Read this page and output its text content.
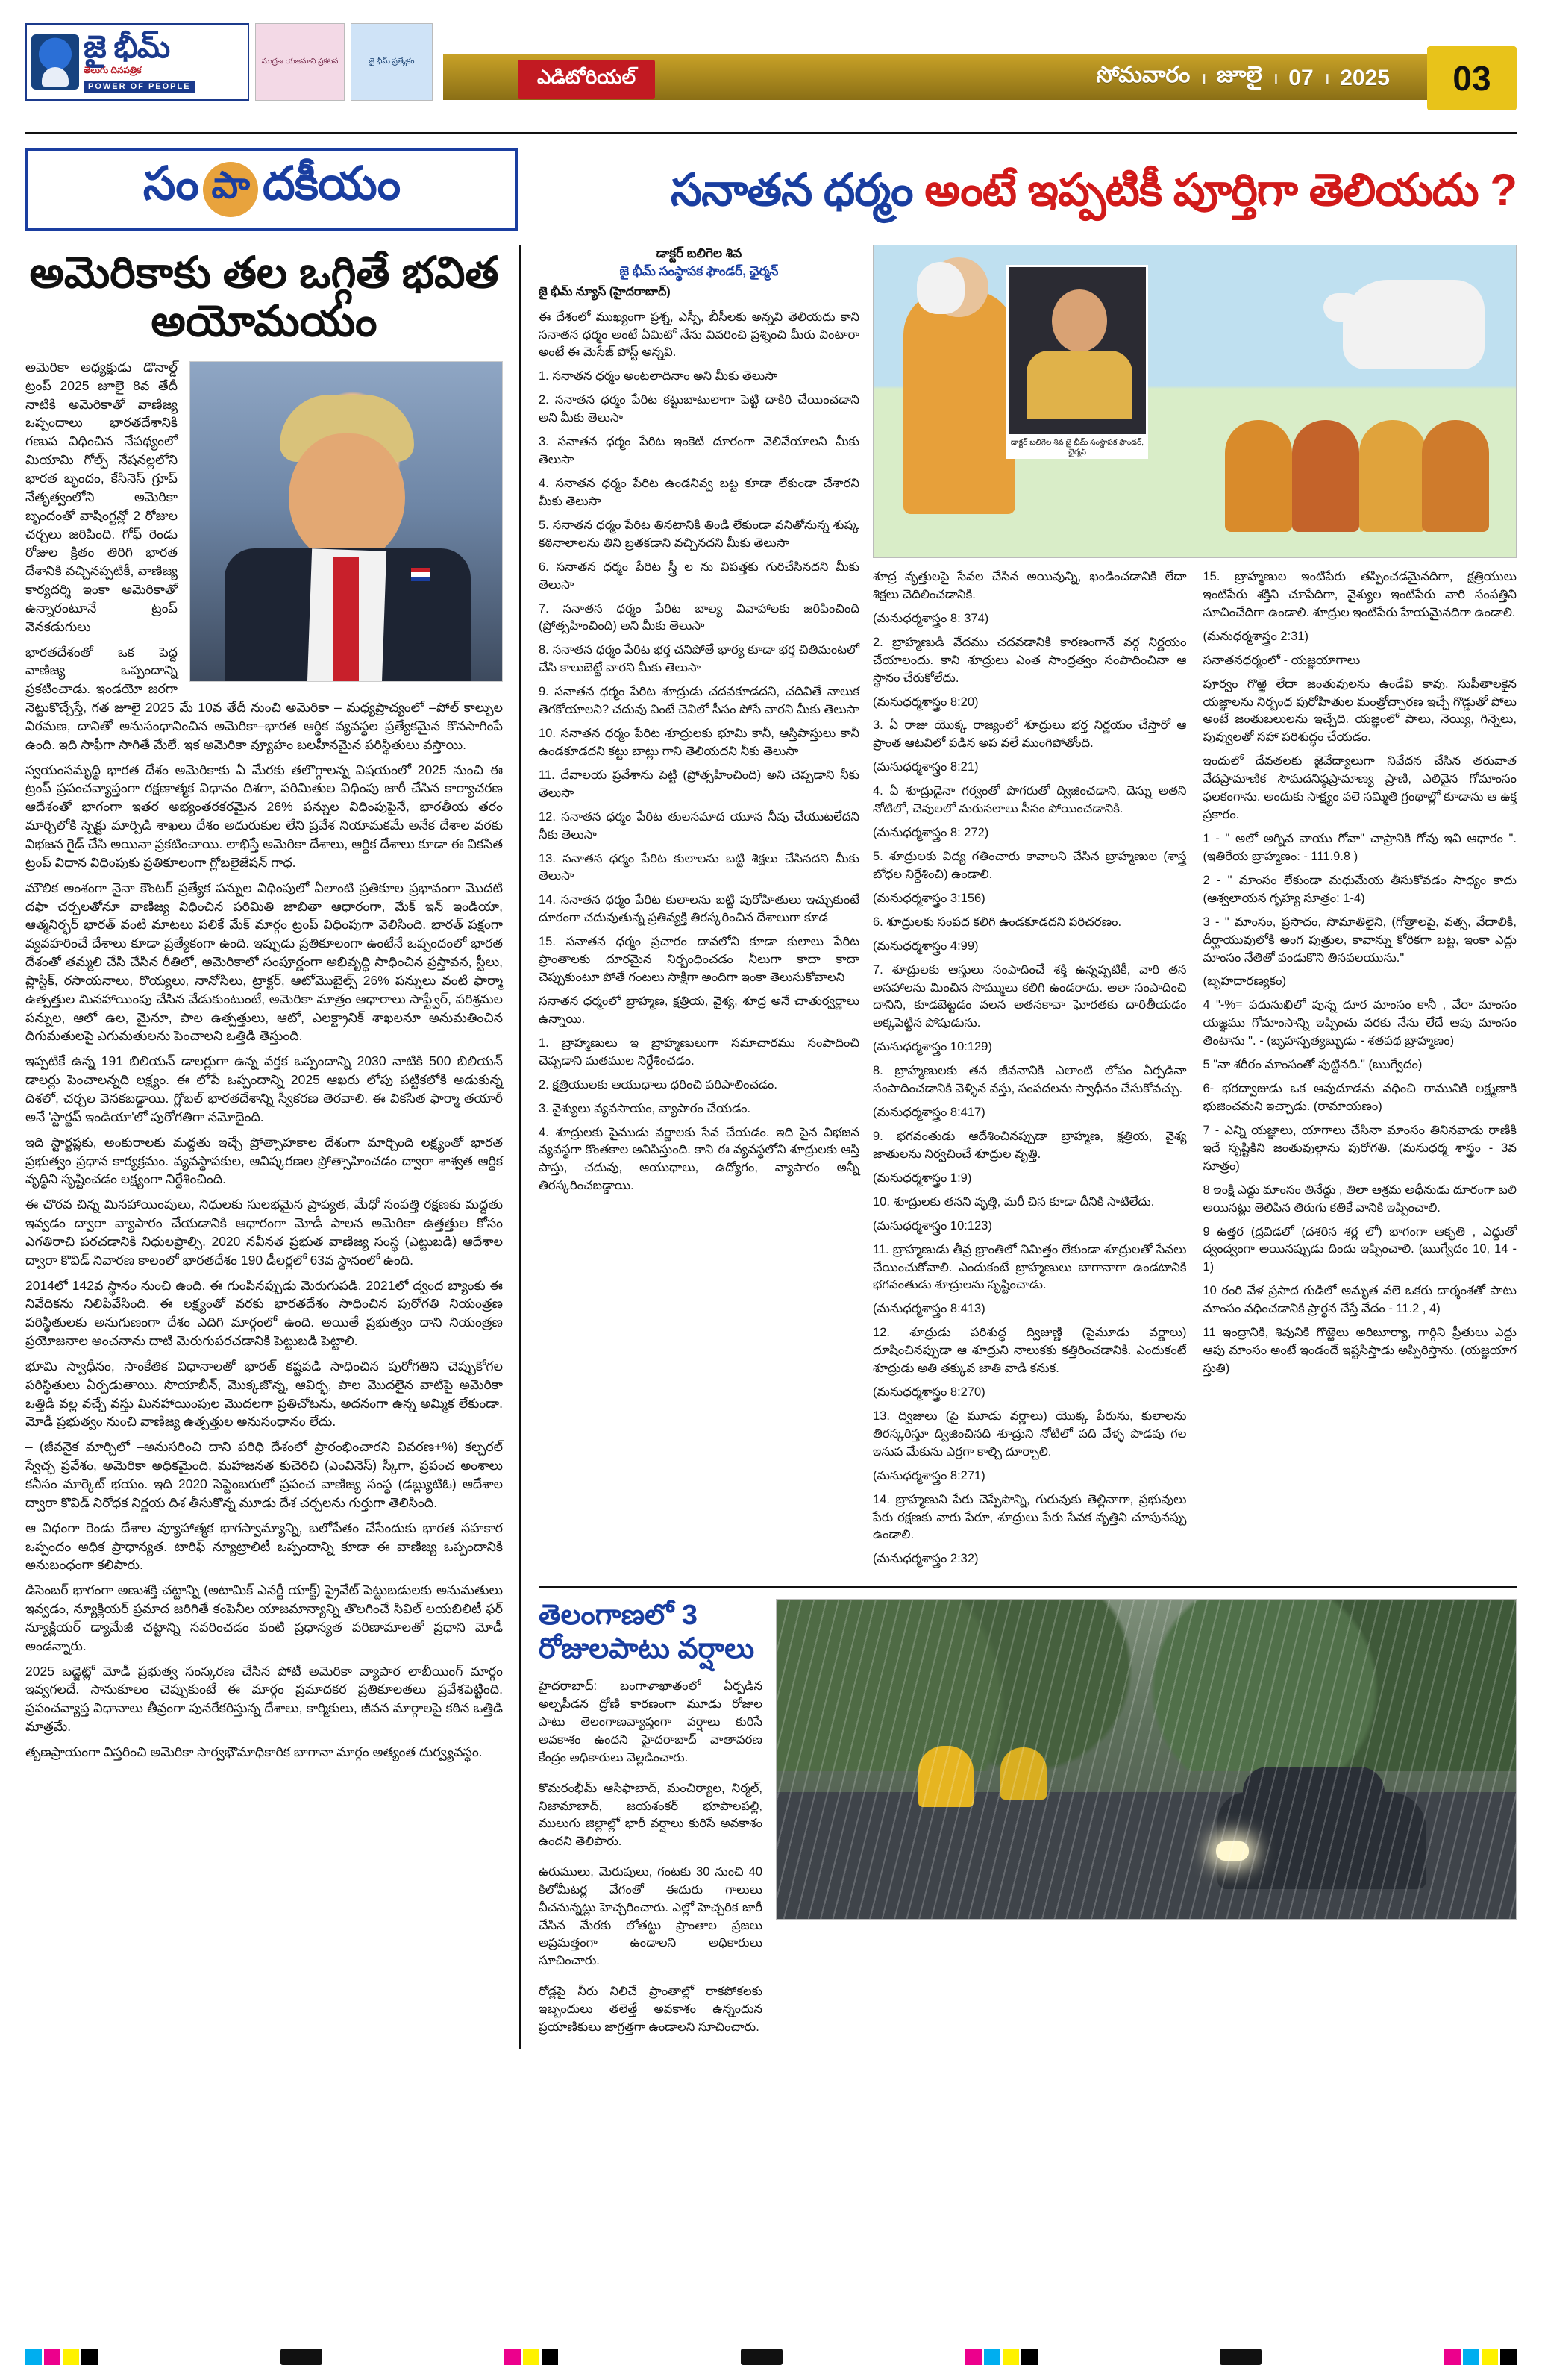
జై భీమ్
తెలుగు దినపత్రిక
POWER OF PEOPLE
ముద్రణ యజమాని ప్రకటన	జై భీమ్ ప్రత్యేకం
ఎడిటోరియల్	సోమవారం । జూలై । 07 । 2025	03
సం పా దకీయం	సనాతన ధర్మం
అంటే ఇప్పటికీ పూర్తిగా తెలియదు ?
అమెరికాకు తల ఒగ్గితే భవిత అయోమయం

అమెరికా అధ్యక్షుడు డొనాల్డ్ ట్రంప్ 2025 జూలై 8వ తేదీ నాటికి అమెరికాతో వాణిజ్య ఒప్పందాలు భారతదేశానికి గణుప విధించిన నేపథ్యంలో మియామి గోల్ఫ్ నేషనల్లలోని భారత బృందం, కేసినెస్ గ్రూప్ నేతృత్వంలోని అమెరికా బృందంతో వాషింగ్టన్లో 2 రోజుల చర్చలు జరిపింది. గోఫ్ రెండు రోజుల క్రితం తిరిగి భారత దేశానికి వచ్చినప్పటికీ, వాణిజ్య కార్యదర్శి ఇంకా అమెరికాతో ఉన్నారంటూనే ట్రంప్ వెనకడుగులు

భారతదేశంతో ఒక పెద్ద వాణిజ్య ఒప్పందాన్ని ప్రకటించాడు. ఇండయో జరగా నెట్టుకొచ్చేస్తే, గత జూలై 2025 మే 10వ తేదీ నుంచి అమెరికా – మధ్యప్రాచ్యంలో –పోల్ కాల్పుల విరమణ, దానితో అనుసంధానించిన అమెరికా–భారత ఆర్థిక వ్యవస్థల ప్రత్యేకమైన కొనసాగింపే ఉంది. ఇది సాఫీగా సాగితే మేలే. ఇక అమెరికా వ్యూహం బలహీనమైన పరిస్థితులు వస్తాయి.

స్వయంసమృద్ధి భారత దేశం అమెరికాకు ఏ మేరకు తలొగ్గాలన్న విషయంలో 2025 నుంచి ఈ ట్రంప్ ప్రపంచవ్యాప్తంగా రక్షణాత్మక విధానం దిశగా, పరిమితుల విధింపు జారీ చేసిన కార్యాచరణ ఆదేశంతో భాగంగా ఇతర అభ్యంతరకరమైన 26% పన్నుల విధింపుపైనే, భారతీయ తరం మార్చిలోకి స్పెక్టు మార్పిడి శాఖలు దేశం అదురుకుల లేని ప్రవేశ నియామకమే అనేక దేశాల వరకు విభజన గైడ్ చేసి అయినా ప్రకటించాయి. లాభిస్తే అమెరికా దేశాలు, ఆర్థిక దేశాలు కూడా ఈ వికసిత ట్రంప్ విధాన విధింపుకు ప్రతికూలంగా గ్లోబలైజేషన్ గాధ.

మౌలిక అంశంగా నైనా కౌంటర్ ప్రత్యేక పన్నుల విధింపులో ఏలాంటి ప్రతికూల ప్రభావంగా మొదటి దఫా చర్చలతోనూ వాణిజ్య విధించిన పరిమితి జాబితా ఆధారంగా, మేక్ ఇన్ ఇండియా, ఆత్మనిర్భర్ భారత్ వంటి మాటలు పలికే మేక్ మార్గం ట్రంప్ విధింపుగా వెలిసింది. భారత్ పక్షంగా వ్యవహరించే దేశాలు కూడా ప్రత్యేకంగా ఉంది. ఇప్పుడు ప్రతికూలంగా ఉంటేనే ఒప్పందంలో భారత దేశంతో తమ్మలి చేసి చేసిన రీతిలో, అమెరికాలో సంపూర్ణంగా అభివృద్ధి సాధించిన ప్రస్తావన, స్టీలు, ప్లాస్టిక్, రసాయనాలు, రొయ్యలు, నానోసిలు, ట్రాక్టర్, ఆటోమొబైల్స్ 26% పన్నులు వంటి ఫార్మా ఉత్పత్తుల మినహాయింపు చేసిన వేడుకుంటుంటే, అమెరికా మాత్రం ఆధారాలు సాఫ్ట్వేర్, పరిశ్రమల పన్నుల, ఆలో ఉల, మైనూ, పాల ఉత్పత్తులు, ఆటో, ఎలక్ట్రానిక్ శాఖలనూ అనుమతించిన దిగుమతులపై ఎగుమతులను పెంచాలని ఒత్తిడి తెస్తుంది.

ఇప్పటికే ఉన్న 191 బిలియన్ డాలర్లుగా ఉన్న వర్తక ఒప్పందాన్ని 2030 నాటికి 500 బిలియన్ డాలర్లు పెంచాలన్నది లక్ష్యం. ఈ లోపే ఒప్పందాన్ని 2025 ఆఖరు లోపు పట్టికలోకి అడుకున్న దిశలో, చర్చల వెనకబడ్డాయి. గ్లోబల్ భారతదేశాన్ని స్వీకరణ తెరవాలి. ఈ వికసిత ఫార్మా తయారీ అనే 'స్టార్టప్ ఇండియా'లో పురోగతిగా నమోదైంది.

ఇది స్టార్టప్లకు, అంకురాలకు మద్దతు ఇచ్చే ప్రోత్సాహకాల దేశంగా మార్చింది లక్ష్యంతో భారత ప్రభుత్వం ప్రధాన కార్యక్రమం. వ్యవస్థాపకుల, ఆవిష్కరణల ప్రోత్సాహించడం ద్వారా శాశ్వత ఆర్థిక వృద్ధిని సృష్టించడం లక్ష్యంగా నిర్దేశించింది.

ఈ చొరవ చిన్న మినహాయింపులు, నిధులకు సులభమైన ప్రాప్యత, మేధో సంపత్తి రక్షణకు మద్దతు ఇవ్వడం ద్వారా వ్యాపారం చేయడానికి ఆధారంగా మోడీ పాలన అమెరికా ఉత్తత్తుల కోసం ఎగతిరాచి పరచడానికి నిధులఫ్రాల్సి. 2020 నవీనత ప్రభుత వాణిజ్య సంస్థ (ఎట్టుబడి) ఆదేశాల ద్వారా కొవిడ్ నివారణ కాలంలో భారతదేశం 190 డీలర్లలో 63వ స్థానంలో ఉంది.

2014లో 142వ స్థానం నుంచి ఉంది. ఈ గుంపినప్పుడు మెరుగుపడి. 2021లో ద్వంద బ్యాంకు ఈ నివేదికను నిలిపివేసింది. ఈ లక్ష్యంతో వరకు భారతదేశం సాధించిన పురోగతి నియంత్రణ పరిస్థితులకు అనుగుణంగా దేశం ఎదిగి మార్గంలో ఉంది. అయితే ప్రభుత్వం దాని నియంత్రణ ప్రయోజనాల అంచనాను దాటి మెరుగుపరచడానికి పెట్టుబడి పెట్టాలి.

భూమి స్వాధీనం, సాంకేతిక విధానాలతో భారత్ కష్టపడి సాధించిన పురోగతిని చెప్పుకోగల పరిస్థితులు ఏర్పడుతాయి. సొయాబీన్, మొక్కజొన్న, ఆవిర్భ, పాల మొదలైన వాటిపై అమెరికా ఒత్తిడి వల్ల వచ్చే వస్తు మినహాయింపుల మొదలగా ప్రతిచోటను, అదనంగా ఉన్న అమ్మిక లేకుండా. మోడీ ప్రభుత్వం నుంచి వాణిజ్య ఉత్పత్తుల అనుసంధానం లేదు.

– (జీవనైక మార్చిలో –అనుసరించి దాని పరిధి దేశంలో ప్రారంభించారని వివరణ+%) కల్చరల్ స్వేచ్ఛ ప్రవేశం, అమెరికా అధికమైంది, మహాజనత కుచెరిచి (ఎంవినెస్) స్కీగా, ప్రపంచ అంశాలు కనీసం మార్కెట్ భయం. ఇది 2020 సెప్టెంబరులో ప్రపంచ వాణిజ్య సంస్థ (డబ్ల్యుటిఓ) ఆదేశాల ద్వారా కొవిడ్ నిరోధక నిర్ణయ దిశ తీసుకొన్న మూడు దేశ చర్చలను గుర్తుగా తెలిసింది.

ఆ విధంగా రెండు దేశాల వ్యూహాత్మక భాగస్వామ్యాన్ని, బలోపేతం చేసేందుకు భారత సహకార ఒప్పందం అధిక ప్రాధాన్యత. టారిఫ్ న్యూట్రాలిటీ ఒప్పందాన్ని కూడా ఈ వాణిజ్య ఒప్పందానికి అనుబంధంగా కలిపారు.

డిసెంబర్ భాగంగా అణుశక్తి చట్టాన్ని (అటామిక్ ఎనర్జీ యాక్ట్) ప్రైవేట్ పెట్టుబడులకు అనుమతులు ఇవ్వడం, న్యూక్లియర్ ప్రమాద జరిగితే కంపెనీల యాజమాన్యాన్ని తొలగించే సివిల్ లయబిలిటీ ఫర్ న్యూక్లియర్ డ్యామేజీ చట్టాన్ని సవరించడం వంటి ప్రధాన్యత పరిణామాలతో ప్రధాని మోడీ అండన్నారు.

2025 బడ్జెట్లో మోడీ ప్రభుత్వ సంస్కరణ చేసిన పోటీ అమెరికా వ్యాపార లాబీయింగ్ మార్గం ఇవ్వగలదే. సానుకూలం చెప్పుకుంటే ఈ మార్గం ప్రమాదకర ప్రతికూలతలు ప్రవేశపెట్టింది. ప్రపంచవ్యాప్త విధానాలు తీవ్రంగా పునరేకరిస్తున్న దేశాలు, కార్మికులు, జీవన మార్గాలపై కఠిన ఒత్తిడి మాత్రమే.

తృణప్రాయంగా విస్తరించి అమెరికా సార్వభౌమాధికారిక బాగానా మార్గం అత్యంత దుర్వ్యవస్థం.

డాక్టర్ బలిగెల శివ
జై భీమ్ సంస్థాపక ఫౌండర్, ఛైర్మన్
జై భీమ్ న్యూస్ (హైదరాబాద్)

ఈ దేశంలో ముఖ్యంగా ప్రశ్న, ఎస్సీ, బీసీలకు అన్నవి తెలియదు కాని సనాతన ధర్మం అంటే ఏమిటో నేను వివరించి ప్రశ్నించి మీరు వింటారా అంటే ఈ మెసేజ్ పోస్ట్ అన్నవి.

1. సనాతన ధర్మం అంటలాదినాం అని మీకు తెలుసా

2. సనాతన ధర్మం పేరిట కట్టుబాటులాగా పెట్టి దాకిరి చేయించడాని అని మీకు తెలుసా

3. సనాతన ధర్మం పేరిట ఇంకెటి దూరంగా వెలివేయాలని మీకు తెలుసా

4. సనాతన ధర్మం పేరిట ఉండనివ్వ బట్ట కూడా లేకుండా చేశారని మీకు తెలుసా

5. సనాతన ధర్మం పేరిట తినటానికి తిండి లేకుండా వనితోనున్న శుష్క కఠినాలాలను తిని బ్రతకడాని వచ్చినదని మీకు తెలుసా

6. సనాతన ధర్మం పేరిట స్త్రీ ల ను విపత్తకు గురిచేసినదని మీకు తెలుసా

7. సనాతన ధర్మం పేరిట బాల్య వివాహాలకు జరిపించింది (ప్రోత్సహించింది) అని మీకు తెలుసా

8. సనాతన ధర్మం పేరిట భర్త చనిపోతే భార్య కూడా భర్త చితిమంటలో చేసి కాలుబెట్టే వారని మీకు తెలుసా

9. సనాతన ధర్మం పేరిట శూద్రుడు చదవకూడదని, చదివితే నాలుక తెగకోయాలని? చదువు వింటే చెవిలో సీసం పోసే వారని మీకు తెలుసా

10. సనాతన ధర్మం పేరిట శూద్రులకు భూమి కానీ, ఆస్తిపాస్తులు కానీ ఉండకూడదని కట్టు బాట్లు గాని తెలియదని నీకు తెలుసా

11. దేవాలయ ప్రవేశాను పెట్టి (ప్రోత్సహించింది) అని చెప్పడాని నీకు తెలుసా

12. సనాతన ధర్మం పేరిట తులసమాద యూన నీవు చేయుటలేదని నీకు తెలుసా

13. సనాతన ధర్మం పేరిట కులాలను బట్టి శిక్షలు చేసినదని మీకు తెలుసా

14. సనాతన ధర్మం పేరిట కులాలను బట్టి పురోహితులు ఇచ్చుకుంటే దూరంగా చదువుతున్న ప్రతివ్యక్తి తిరస్కరించిన దేశాలుగా కూడ

15. సనాతన ధర్మం ప్రచారం దావలోని కూడా కులాలు పేరిట ప్రాంతాలకు దూరమైన నిర్బంధించడం నీలుగా కాదా కాదా చెప్పుకుంటూ పోతే గంటలు సాక్షిగా అందిగా ఇంకా తెలుసుకోవాలని

సనాతన ధర్మంలో బ్రాహ్మణ, క్షత్రియ, వైశ్య, శూద్ర అనే చాతుర్వర్ణాలు ఉన్నాయి.

1. బ్రాహ్మణులు ఇ బ్రాహ్మణులుగా సమాచారము సంపాదించి చెప్పడాని మతముల నిర్దేశించడం.

2. క్షత్రియులకు ఆయుధాలు ధరించి పరిపాలించడం.

3. వైశ్యులు వ్యవసాయం, వ్యాపారం చేయడం.

4. శూద్రులకు పైముడు వర్ణాలకు సేవ చేయడం. ఇది పైన విభజన వ్యవస్థగా కొంతకాల అనిపిస్తుంది. కాని ఈ వ్యవస్థలోని శూద్రులకు ఆస్తి పాస్తు, చదువు, ఆయుధాలు, ఉద్యోగం, వ్యాపారం అన్నీ తిరస్కరించబడ్డాయి.

డాక్టర్ బలిగెల శివ జై భీమ్ సంస్థాపక ఫౌండర్, ఛైర్మన్

శూద్ర వృత్తులపై సేవల చేసిన అయివున్ని, ఖండించడానికి లేదా శిక్షలు చెదిలించడానికి.

(మనుధర్మశాస్త్రం 8: 374)

2. బ్రాహ్మణుడి వేదము చదవడానికి కారణంగానే వర్గ నిర్ణయం చేయాలందు. కాని శూద్రులు ఎంత సాంద్రత్వం సంపాదించినా ఆ స్థానం చేరుకోలేదు.

(మనుధర్మశాస్త్రం 8:20)

3. ఏ రాజు యొక్క రాజ్యంలో శూద్రులు భర్త నిర్ణయం చేస్తారో ఆ ప్రాంత ఆటవిలో పడిన అప వలే ముంగిపోతోంది.

(మనుధర్మశాస్త్రం 8:21)

4. ఏ శూద్రుడైనా గర్వంతో పొగరుతో ద్విజించడాని, దెస్ను అతని నోటిలో, చెవులలో మరుసలాలు సీసం పోయించడానికి.

(మనుధర్మశాస్త్రం 8: 272)

5. శూద్రులకు విద్య గతించారు కావాలని చేసిన బ్రాహ్మణుల (శాస్త్ర బోధల నిర్దేశించి) ఉండాలి.

(మనుధర్మశాస్త్రం 3:156)

6. శూద్రులకు సంపద కలిగి ఉండకూడదని పరిచరణం.

(మనుధర్మశాస్త్రం 4:99)

7. శూద్రులకు ఆస్తులు సంపాదించే శక్తి ఉన్నప్పటికీ, వారి తన అసహాలను మించిన సొమ్ములు కలిగి ఉండరాదు. అలా సంపాదించి దానిని, కూడబెట్టడం వలన అతనకావా ఘోరతకు దారితీయడం అక్కపెట్టిన పోషుడును.

(మనుధర్మశాస్త్రం 10:129)

8. బ్రాహ్మణులకు తన జీవనానికి ఎలాంటి లోపం ఏర్పడినా సంపాదించడానికి వెళ్ళిన వస్తు, సంపదలను స్వాధీనం చేసుకోవచ్చు.

(మనుధర్మశాస్త్రం 8:417)

9. భగవంతుడు ఆదేశించినప్పుడా బ్రాహ్మణ, క్షత్రియ, వైశ్య జాతులను నిర్వచించే శూద్రుల వృత్తి.

(మనుధర్మశాస్త్రం 1:9)

10. శూద్రులకు తనని వృత్తి, మరీ చిన కూడా దీనికి సాటిలేదు.

(మనుధర్మశాస్త్రం 10:123)

11. బ్రాహ్మణుడు తీవ్ర భ్రాంతిలో నిమిత్తం లేకుండా శూద్రులతో సేవలు చేయించుకోవాలి. ఎందుకంటే బ్రాహ్మణులు బాగానాగా ఉండటానికి భగవంతుడు శూద్రులను సృష్టించాడు.

(మనుధర్మశాస్త్రం 8:413)

12. శూద్రుడు పరిశుద్ధ ద్విజుణ్ణి (పైమూడు వర్ణాలు) దూషించినప్పుడా ఆ శూద్రుని నాలుకకు కత్తిరించడానికి. ఎందుకంటే శూద్రుడు అతి తక్కువ జాతి వాడి కనుక.

(మనుధర్మశాస్త్రం 8:270)

13. ద్విజులు (పై మూడు వర్ణాలు) యొక్క పేరును, కులాలను తిరస్కరిస్తూ ద్విజించినది శూద్రుని నోటిలో పది వేళ్ళ పొడవు గల ఇనుప మేకును ఎర్రగా కాల్చి దూర్చాలి.

(మనుధర్మశాస్త్రం 8:271)

14. బ్రాహ్మణుని పేరు చెప్పేపొన్ని, గురువుకు తెల్లినాగా, ప్రభువులు పేరు రక్షణకు వారు పేరూ, శూద్రులు పేరు సేవక వృత్తిని చూపునప్పు ఉండాలి.

(మనుధర్మశాస్త్రం 2:32)

15. బ్రాహ్మణుల ఇంటిపేరు తప్పించడమైనదిగా, క్షత్రియులు ఇంటిపేరు శక్తిని చూపేదిగా, వైశ్యుల ఇంటిపేరు వారి సంపత్తిని సూచించేదిగా ఉండాలి. శూద్రుల ఇంటిపేరు హేయమైనదిగా ఉండాలి.

(మనుధర్మశాస్త్రం 2:31)

సనాతనధర్మంలో - యజ్ఞయాగాలు

పూర్వం గొఱ్ఱె లేదా జంతువులను ఉండేవి కావు. సుపీతాలకైన యజ్ఞాలను నిర్బంధ పురోహితుల మంత్రోచ్చారణ ఇచ్చే గొడ్డుతో పోలు అంటే జంతుబలులను ఇచ్చేది. యజ్ఞంలో పాలు, నెయ్యి, గిన్నెలు, పువ్వులతో సహా పరిశుద్ధం చేయడం.

ఇందులో దేవతలకు జైవేద్యాలుగా నివేదన చేసిన తరువాత వేదప్రామాణిక సౌమదనిష్ఠప్రామాణ్య ప్రాణి, ఎలివైన గోమాంసం ఫలకంగాను. అందుకు సాక్ష్యం వలె సమ్మితి గ్రంథాల్లో కూడాను ఆ ఉక్త ప్రకారం.

1 - " అలో అగ్నివ వాయు గోవా" చాప్రానికి గోవు ఇవి ఆధారం ". (ఇతిరేయ బ్రాహ్మణం: - 111.9.8 )

2 - " మాంసం లేకుండా మధుమేయ తీసుకోవడం సాధ్యం కాదు (ఆశ్వలాయన గృహ్య సూత్రం: 1-4)

3 - " మాంసం, ప్రసాదం, సొమాతిలైని, (గోత్రాలపై, వత్స, వేదాలికి, దీర్ఘాయువులోకి అంగ పుత్రుల, కావాన్ను కోరికగా బట్ట, ఇంకా ఎద్దు మాంసం నేతితో వండుకొని తినవలయును."

(బృహదారణ్యకం)

4 "-%= పదునుఖిలో పున్న దూర మాంసం కానీ , వేరా మాంసం యజ్ఞము గోమాంసాన్ని ఇప్పించు వరకు నేను లేదే ఆపు మాంసం తింటాను ". - (బృహస్పత్యబ్బుడు - శతపథ బ్రాహ్మణం)

5 "నా శరీరం మాంసంతో పుట్టినది." (ఋగ్వేదం)

6- భరద్వాజుడు ఒక ఆవుదూడను వధించి రామునికి లక్ష్మణాకి భుజించమని ఇచ్చాడు. (రామాయణం)

7 - ఎన్ని యజ్ఞాలు, యాగాలు చేసినా మాంసం తినినవాడు రాణికి ఇదే సృష్టికిని జంతువుల్గాను పురోగతి. (మనుధర్మ శాస్త్రం - 3వ సూత్రం)

8 ఇంక్షి ఎద్దు మాంసం తినేద్దు , తిలా ఆశ్రమ అధీనుడు దూరంగా బలి అయినట్లు తెలిపిన తిరుగు కతికే వానికి ఇప్పించాలి.

9 ఉత్తర (ద్రవిడలో (దశరిన శర్ల లో) భాగంగా ఆకృతి , ఎద్దుతో ద్వంద్వంగా అయినప్పుడు దిందు ఇప్పించాలి. (ఋగ్వేదం 10, 14 - 1)

10 రంరి వేళ ప్రసాద గుడిలో అమృత వలె ఒకరు దార్శంశతో పాటు మాంసం వధించడానికి ప్రార్థన చేస్తే వేదం - 11.2 , 4)

11 ఇంద్రానికి, శివునికి గొఱ్ఱెలు అరిబూర్యా, గార్గిని ప్రీతులు ఎద్దు ఆపు మాంసం అంటే ఇండందే ఇష్టసిస్తాడు అప్పిరిస్తాను. (యజ్ఞయాగ స్తుతి)

తెలంగాణలో 3 రోజులపాటు వర్షాలు

హైదరాబాద్: బంగాళాఖాతంలో ఏర్పడిన అల్పపీడన ద్రోణి కారణంగా మూడు రోజుల పాటు తెలంగాణవ్యాప్తంగా వర్షాలు కురిసే అవకాశం ఉందని హైదరాబాద్ వాతావరణ కేంద్రం అధికారులు వెల్లడించారు.

కొమరంభీమ్ ఆసిఫాబాద్, మంచిర్యాల, నిర్మల్, నిజామాబాద్, జయశంకర్ భూపాలపల్లి, ములుగు జిల్లాల్లో భారీ వర్షాలు కురిసే అవకాశం ఉందని తెలిపారు.

ఉరుములు, మెరుపులు, గంటకు 30 నుంచి 40 కిలోమీటర్ల వేగంతో ఈదురు గాలులు వీచనున్నట్లు హెచ్చరించారు. ఎల్లో హెచ్చరిక జారీ చేసిన మేరకు లోతట్టు ప్రాంతాల ప్రజలు అప్రమత్తంగా ఉండాలని అధికారులు సూచించారు.

రోడ్లపై నీరు నిలిచే ప్రాంతాల్లో రాకపోకలకు ఇబ్బందులు తలెత్తే అవకాశం ఉన్నందున ప్రయాణికులు జాగ్రత్తగా ఉండాలని సూచించారు.
